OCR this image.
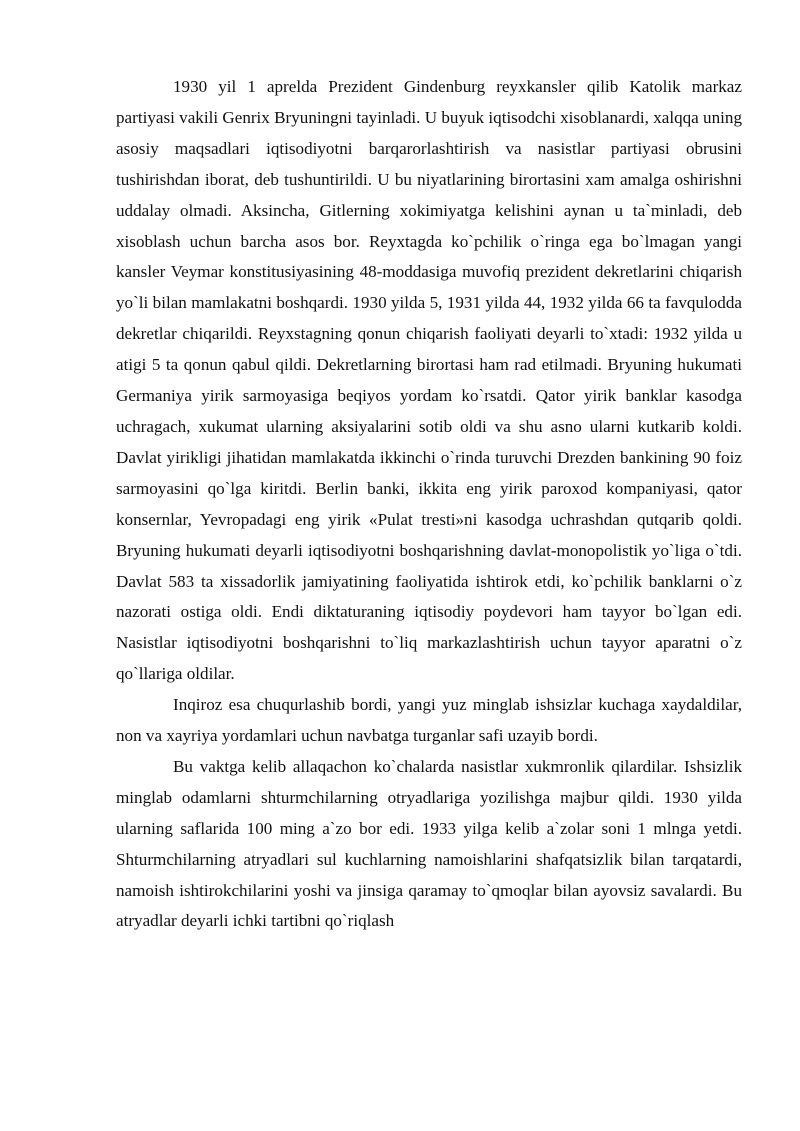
1930 yil 1 aprelda Prezident Gindenburg reyxkansler qilib Katolik markaz partiyasi vakili Genrix Bryuningni tayinladi. U buyuk iqtisodchi xisoblanardi, xalqqa uning asosiy maqsadlari iqtisodiyotni barqarorlashtirish va nasistlar partiyasi obrusini tushirishdan iborat, deb tushuntirildi. U bu niyatlarining birortasini xam amalga oshirishni uddalay olmadi. Aksincha, Gitlerning xokimiyatga kelishini aynan u ta`minladi, deb xisoblash uchun barcha asos bor. Reyxtagda ko`pchilik o`ringa ega bo`lmagan yangi kansler Veymar konstitusiyasining 48-moddasiga muvofiq prezident dekretlarini chiqarish yo`li bilan mamlakatni boshqardi. 1930 yilda 5, 1931 yilda 44, 1932 yilda 66 ta favqulodda dekretlar chiqarildi. Reyxstagning qonun chiqarish faoliyati deyarli to`xtadi: 1932 yilda u atigi 5 ta qonun qabul qildi. Dekretlarning birortasi ham rad etilmadi. Bryuning hukumati Germaniya yirik sarmoyasiga beqiyos yordam ko`rsatdi. Qator yirik banklar kasodga uchragach, xukumat ularning aksiyalarini sotib oldi va shu asno ularni kutkarib koldi. Davlat yirikligi jihatidan mamlakatda ikkinchi o`rinda turuvchi Drezden bankining 90 foiz sarmoyasini qo`lga kiritdi. Berlin banki, ikkita eng yirik paroxod kompaniyasi, qator konsernlar, Yevropadagi eng yirik «Pulat tresti»ni kasodga uchrashdan qutqarib qoldi. Bryuning hukumati deyarli iqtisodiyotni boshqarishning davlat-monopolistik yo`liga o`tdi. Davlat 583 ta xissadorlik jamiyatining faoliyatida ishtirok etdi, ko`pchilik banklarni o`z nazorati ostiga oldi. Endi diktaturaning iqtisodiy poydevori ham tayyor bo`lgan edi. Nasistlar iqtisodiyotni boshqarishni to`liq markazlashtirish uchun tayyor aparatni o`z qo`llariga oldilar.

Inqiroz esa chuqurlashib bordi, yangi yuz minglab ishsizlar kuchaga xaydaldilar, non va xayriya yordamlari uchun navbatga turganlar safi uzayib bordi.

Bu vaktga kelib allaqachon ko`chalarda nasistlar xukmronlik qilardilar. Ishsizlik minglab odamlarni shturmchilarning otryadlariga yozilishga majbur qildi. 1930 yilda ularning saflarida 100 ming a`zo bor edi. 1933 yilga kelib a`zolar soni 1 mlnga yetdi. Shturmchilarning atryadlari sul kuchlarning namoishlarini shafqatsizlik bilan tarqatardi, namoish ishtirokchilarini yoshi va jinsiga qaramay to`qmoqlar bilan ayovsiz savalardi. Bu atryadlar deyarli ichki tartibni qo`riqlash
